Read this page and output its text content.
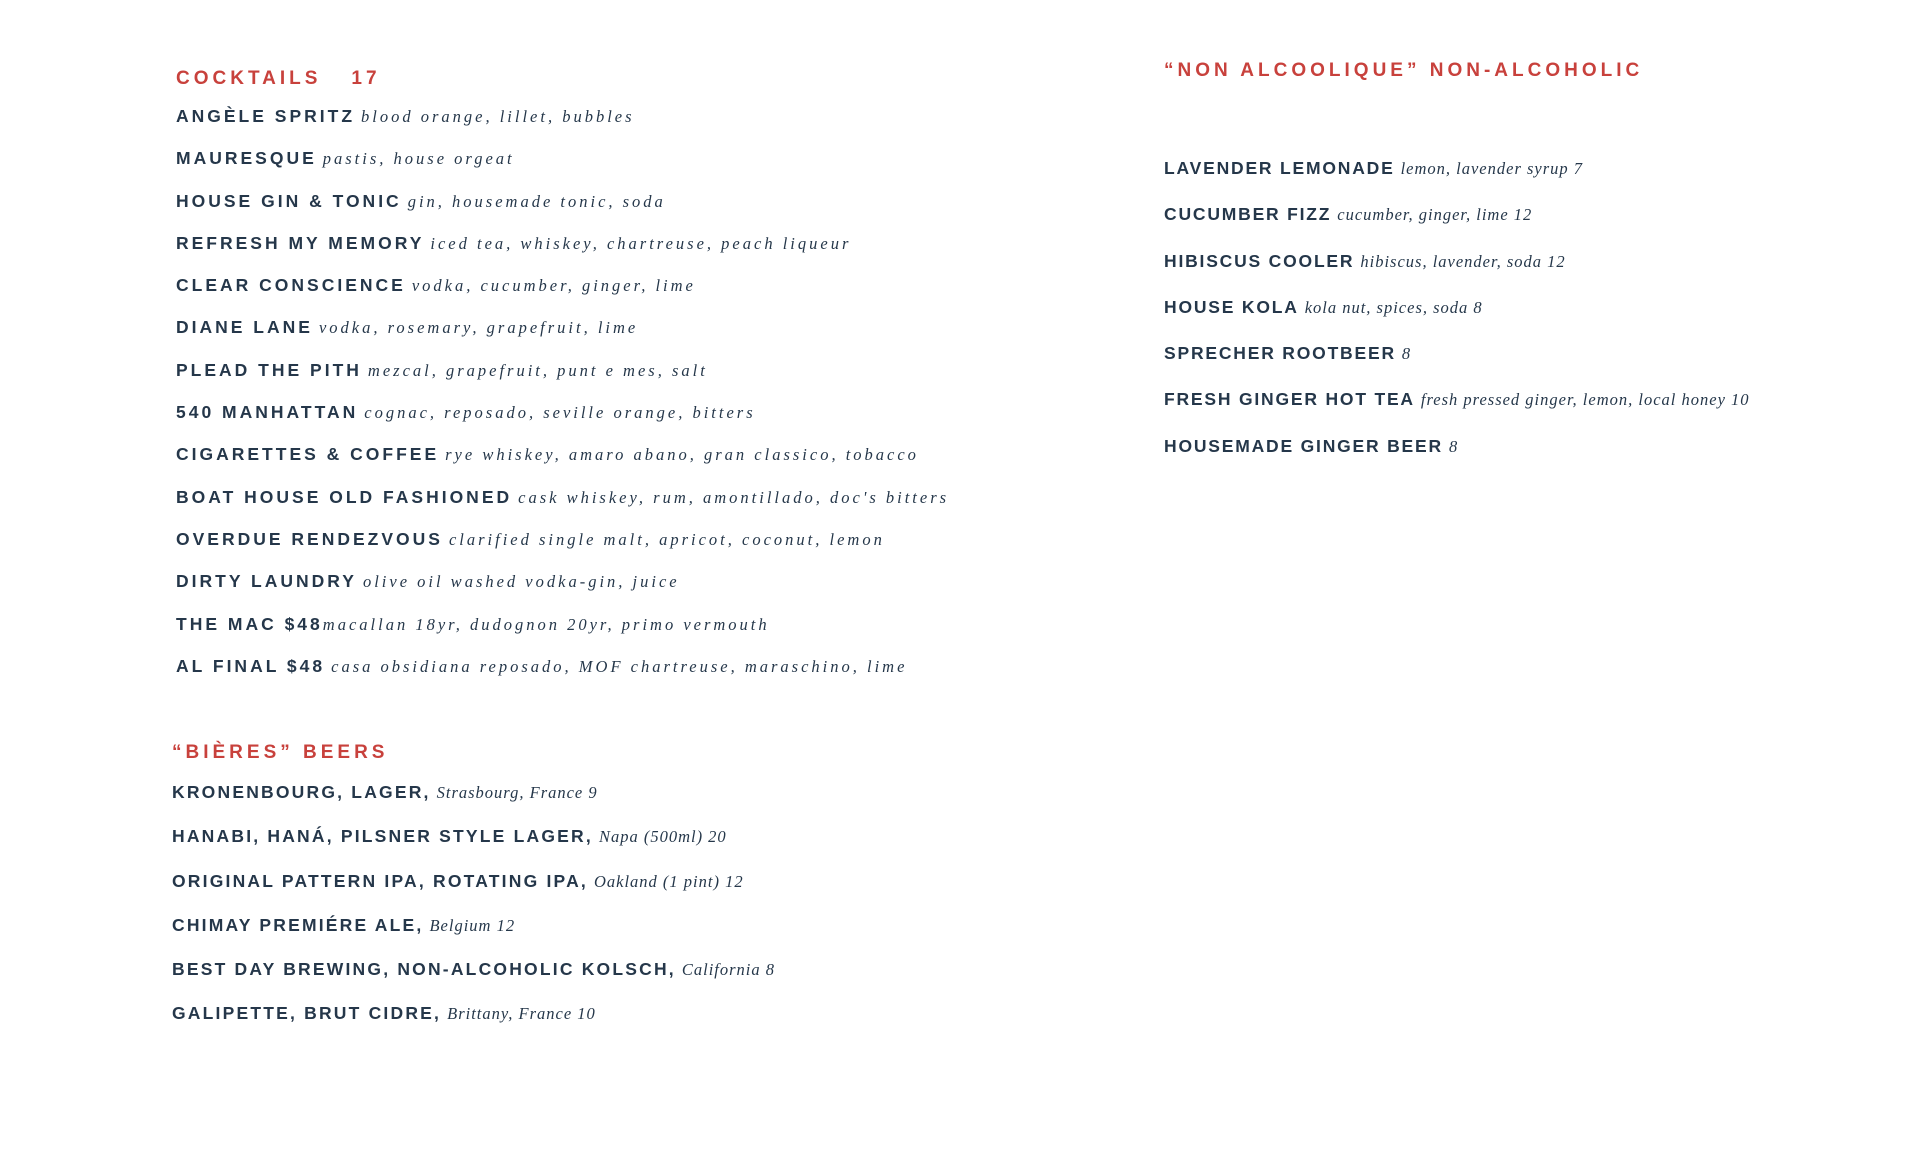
COCKTAILS 17
ANGÈLE SPRITZ blood orange, lillet, bubbles
MAURESQUE pastis, house orgeat
HOUSE GIN & TONIC gin, housemade tonic, soda
REFRESH MY MEMORY iced tea, whiskey, chartreuse, peach liqueur
CLEAR CONSCIENCE vodka, cucumber, ginger, lime
DIANE LANE vodka, rosemary, grapefruit, lime
PLEAD THE PITH mezcal, grapefruit, punt e mes, salt
540 MANHATTAN cognac, reposado, seville orange, bitters
CIGARETTES & COFFEE rye whiskey, amaro abano, gran classico, tobacco
BOAT HOUSE OLD FASHIONED cask whiskey, rum, amontillado, doc's bitters
OVERDUE RENDEZVOUS clarified single malt, apricot, coconut, lemon
DIRTY LAUNDRY olive oil washed vodka-gin, juice
THE MAC $48macallan 18yr, dudognon 20yr, primo vermouth
AL FINAL $48 casa obsidiana reposado, MOF chartreuse, maraschino, lime
“BIÈRES” BEERS
KRONENBOURG, LAGER, Strasbourg, France 9
HANABI, HANÁ, PILSNER STYLE LAGER, Napa (500ml) 20
ORIGINAL PATTERN IPA, ROTATING IPA, Oakland (1 pint) 12
CHIMAY PREMIÉRE ALE, Belgium 12
BEST DAY BREWING, NON-ALCOHOLIC KOLSCH, California 8
GALIPETTE, BRUT CIDRE, Brittany, France 10
“NON ALCOOLIQUE” NON-ALCOHOLIC
LAVENDER LEMONADE lemon, lavender syrup 7
CUCUMBER FIZZ cucumber, ginger, lime 12
HIBISCUS COOLER hibiscus, lavender, soda 12
HOUSE KOLA kola nut, spices, soda 8
SPRECHER ROOTBEER 8
FRESH GINGER HOT TEA fresh pressed ginger, lemon, local honey 10
HOUSEMADE GINGER BEER 8
